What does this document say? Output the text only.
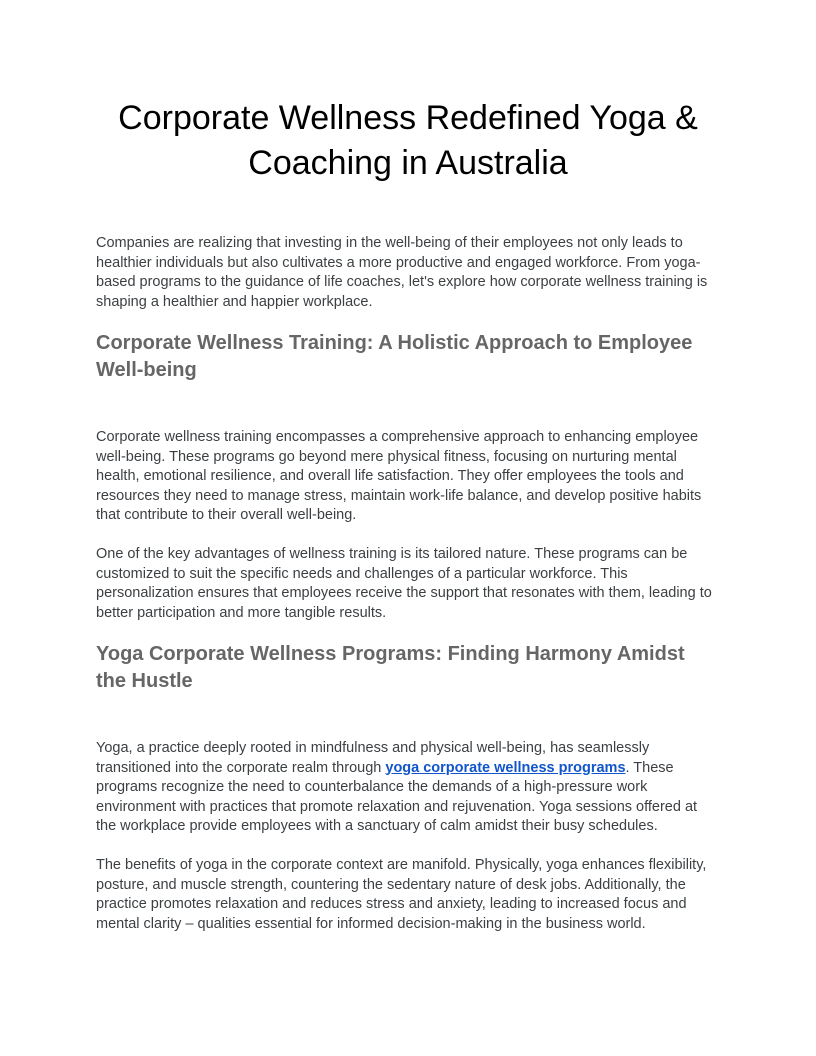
Corporate Wellness Redefined Yoga & Coaching in Australia

Companies are realizing that investing in the well-being of their employees not only leads to healthier individuals but also cultivates a more productive and engaged workforce. From yoga-based programs to the guidance of life coaches, let's explore how corporate wellness training is shaping a healthier and happier workplace.

Corporate Wellness Training: A Holistic Approach to Employee Well-being

Corporate wellness training encompasses a comprehensive approach to enhancing employee well-being. These programs go beyond mere physical fitness, focusing on nurturing mental health, emotional resilience, and overall life satisfaction. They offer employees the tools and resources they need to manage stress, maintain work-life balance, and develop positive habits that contribute to their overall well-being.

One of the key advantages of wellness training is its tailored nature. These programs can be customized to suit the specific needs and challenges of a particular workforce. This personalization ensures that employees receive the support that resonates with them, leading to better participation and more tangible results.

Yoga Corporate Wellness Programs: Finding Harmony Amidst the Hustle

Yoga, a practice deeply rooted in mindfulness and physical well-being, has seamlessly transitioned into the corporate realm through yoga corporate wellness programs. These programs recognize the need to counterbalance the demands of a high-pressure work environment with practices that promote relaxation and rejuvenation. Yoga sessions offered at the workplace provide employees with a sanctuary of calm amidst their busy schedules.

The benefits of yoga in the corporate context are manifold. Physically, yoga enhances flexibility, posture, and muscle strength, countering the sedentary nature of desk jobs. Additionally, the practice promotes relaxation and reduces stress and anxiety, leading to increased focus and mental clarity – qualities essential for informed decision-making in the business world.
